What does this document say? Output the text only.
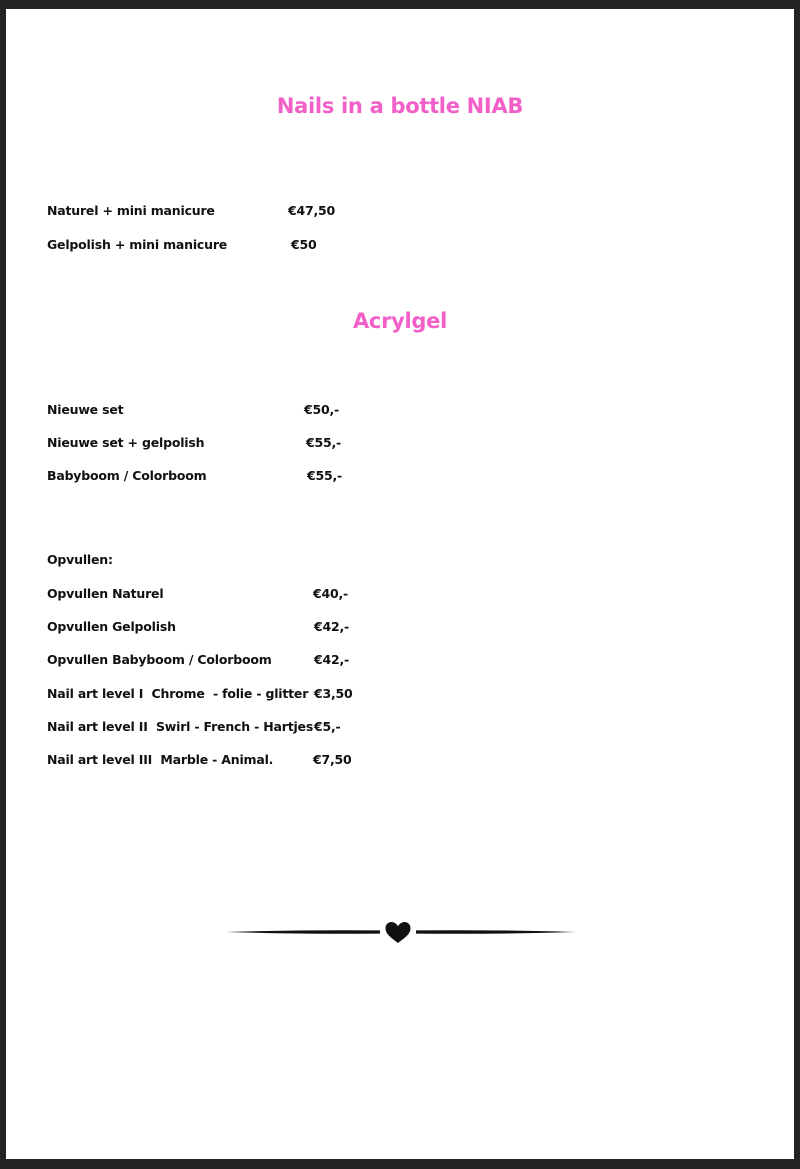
Nails in a bottle NIAB
Naturel + mini manicure	€47,50
Gelpolish + mini manicure	€50
Acrylgel
Nieuwe set	€50,-
Nieuwe set + gelpolish	€55,-
Babyboom / Colorboom	€55,-
Opvullen:
Opvullen Naturel	€40,-
Opvullen Gelpolish	€42,-
Opvullen Babyboom / Colorboom	€42,-
Nail art level I  Chrome  - folie - glitter €3,50
Nail art level II  Swirl - French - Hartjes €5,-
Nail art level III  Marble - Animal.	€7,50
